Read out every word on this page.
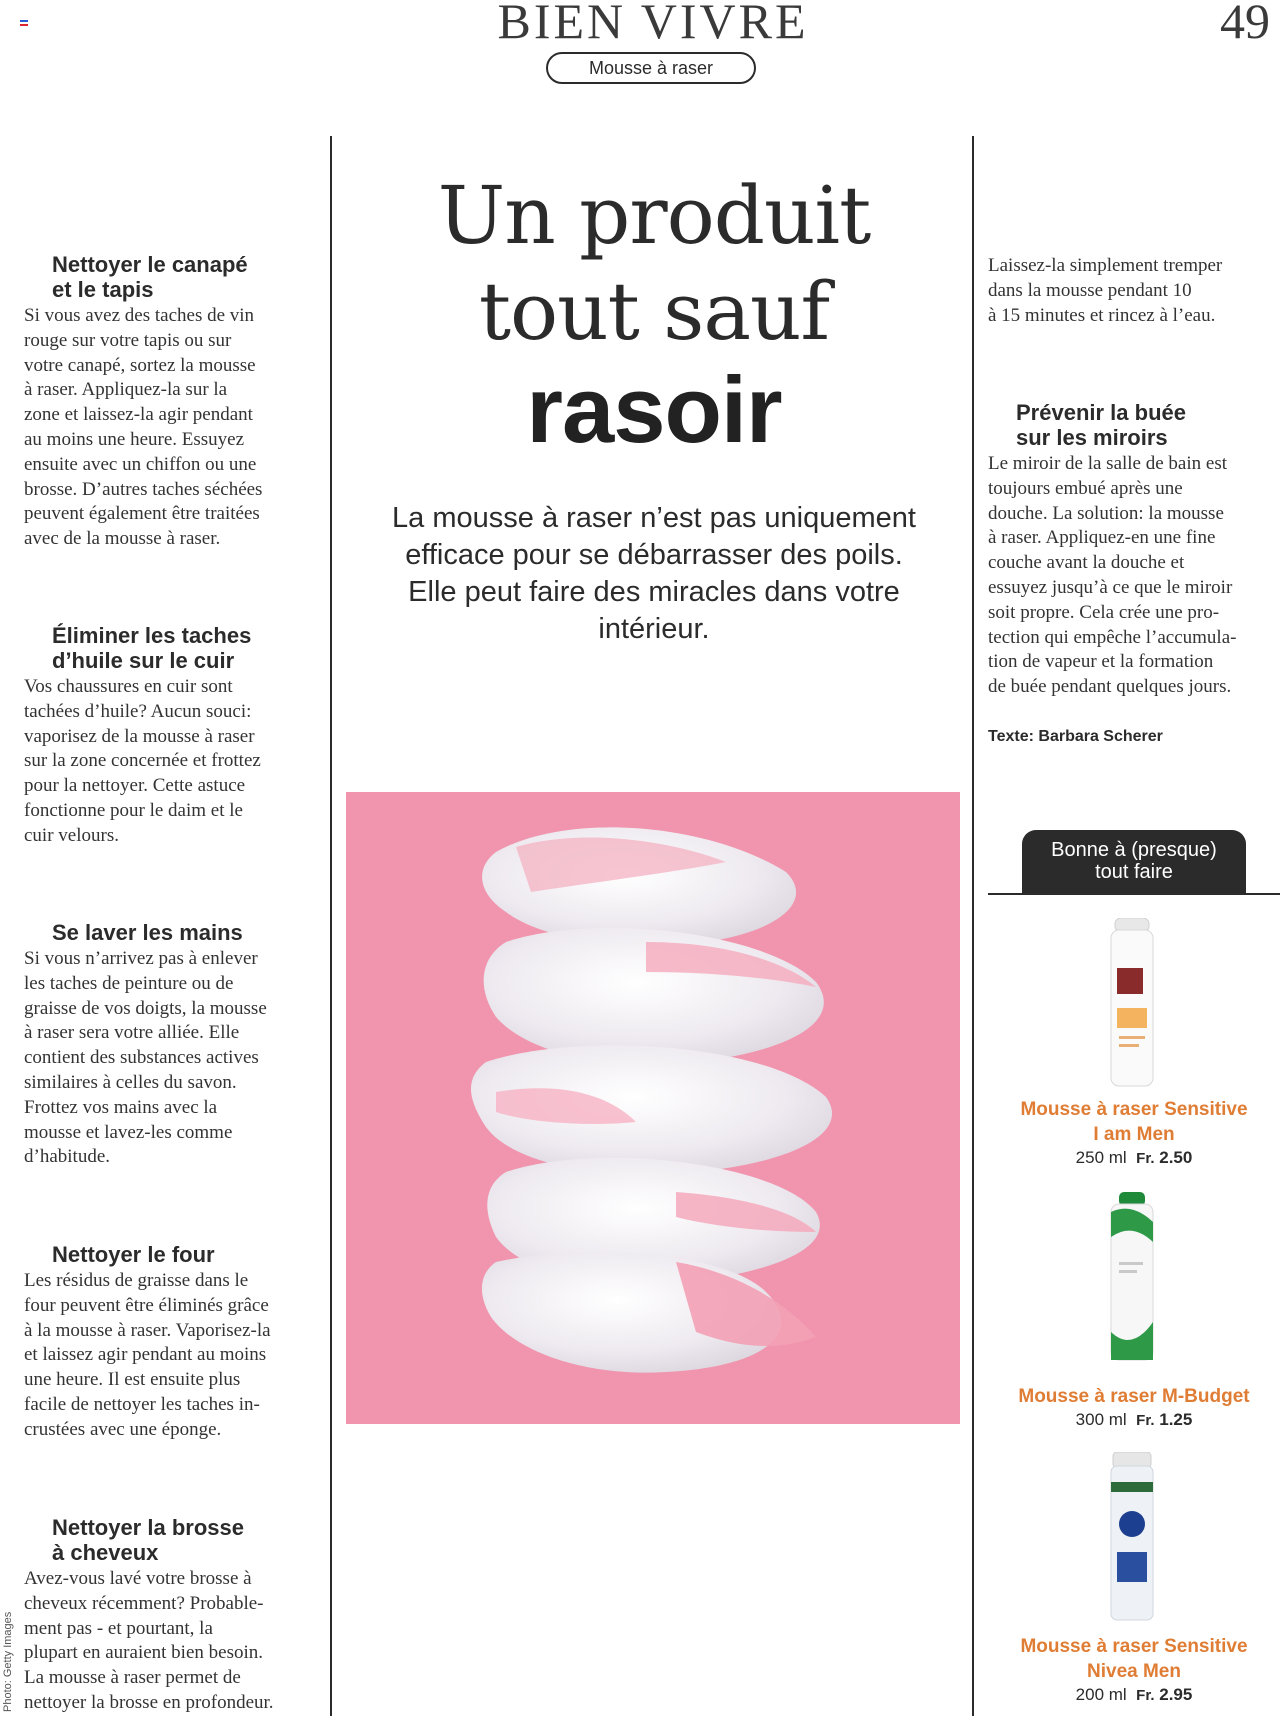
BIEN VIVRE	49
Mousse à raser
Nettoyer le canapé
et le tapis

Si vous avez des taches de vin
rouge sur votre tapis ou sur
votre canapé, sortez la mousse
à raser. Appliquez-la sur la
zone et laissez-la agir pendant
au moins une heure. Essuyez
ensuite avec un chiffon ou une
brosse. D’autres taches séchées
peuvent également être traitées
avec de la mousse à raser.

Éliminer les taches
d’huile sur le cuir

Vos chaussures en cuir sont
tachées d’huile? Aucun souci:
vaporisez de la mousse à raser
sur la zone concernée et frottez
pour la nettoyer. Cette astuce
fonctionne pour le daim et le
cuir velours.

Se laver les mains

Si vous n’arrivez pas à enlever
les taches de peinture ou de
graisse de vos doigts, la mousse
à raser sera votre alliée. Elle
contient des substances actives
similaires à celles du savon.
Frottez vos mains avec la
mousse et lavez-les comme
d’habitude.

Nettoyer le four

Les résidus de graisse dans le
four peuvent être éliminés grâce
à la mousse à raser. Vaporisez-la
et laissez agir pendant au moins
une heure. Il est ensuite plus
facile de nettoyer les taches in-
crustées avec une éponge.

Nettoyer la brosse
à cheveux

Avez-vous lavé votre brosse à
cheveux récemment? Probable-
ment pas - et pourtant, la
plupart en auraient bien besoin.
La mousse à raser permet de
nettoyer la brosse en profondeur.

Photo: Getty Images
Un produit
tout sauf
rasoir
La mousse à raser n’est pas uniquement efficace pour se débarrasser des poils. Elle peut faire des miracles dans votre intérieur.

Laissez-la simplement tremper
dans la mousse pendant 10
à 15 minutes et rincez à l’eau.

Prévenir la buée
sur les miroirs

Le miroir de la salle de bain est
toujours embué après une
douche. La solution: la mousse
à raser. Appliquez-en une fine
couche avant la douche et
essuyez jusqu’à ce que le miroir
soit propre. Cela crée une pro-
tection qui empêche l’accumula-
tion de vapeur et la formation
de buée pendant quelques jours.

Texte: Barbara Scherer
Bonne à (presque)
tout faire
Mousse à raser Sensitive
I am Men
250 ml Fr. 2.50
Mousse à raser M-Budget
300 ml Fr. 1.25
Mousse à raser Sensitive
Nivea Men
200 ml Fr. 2.95
